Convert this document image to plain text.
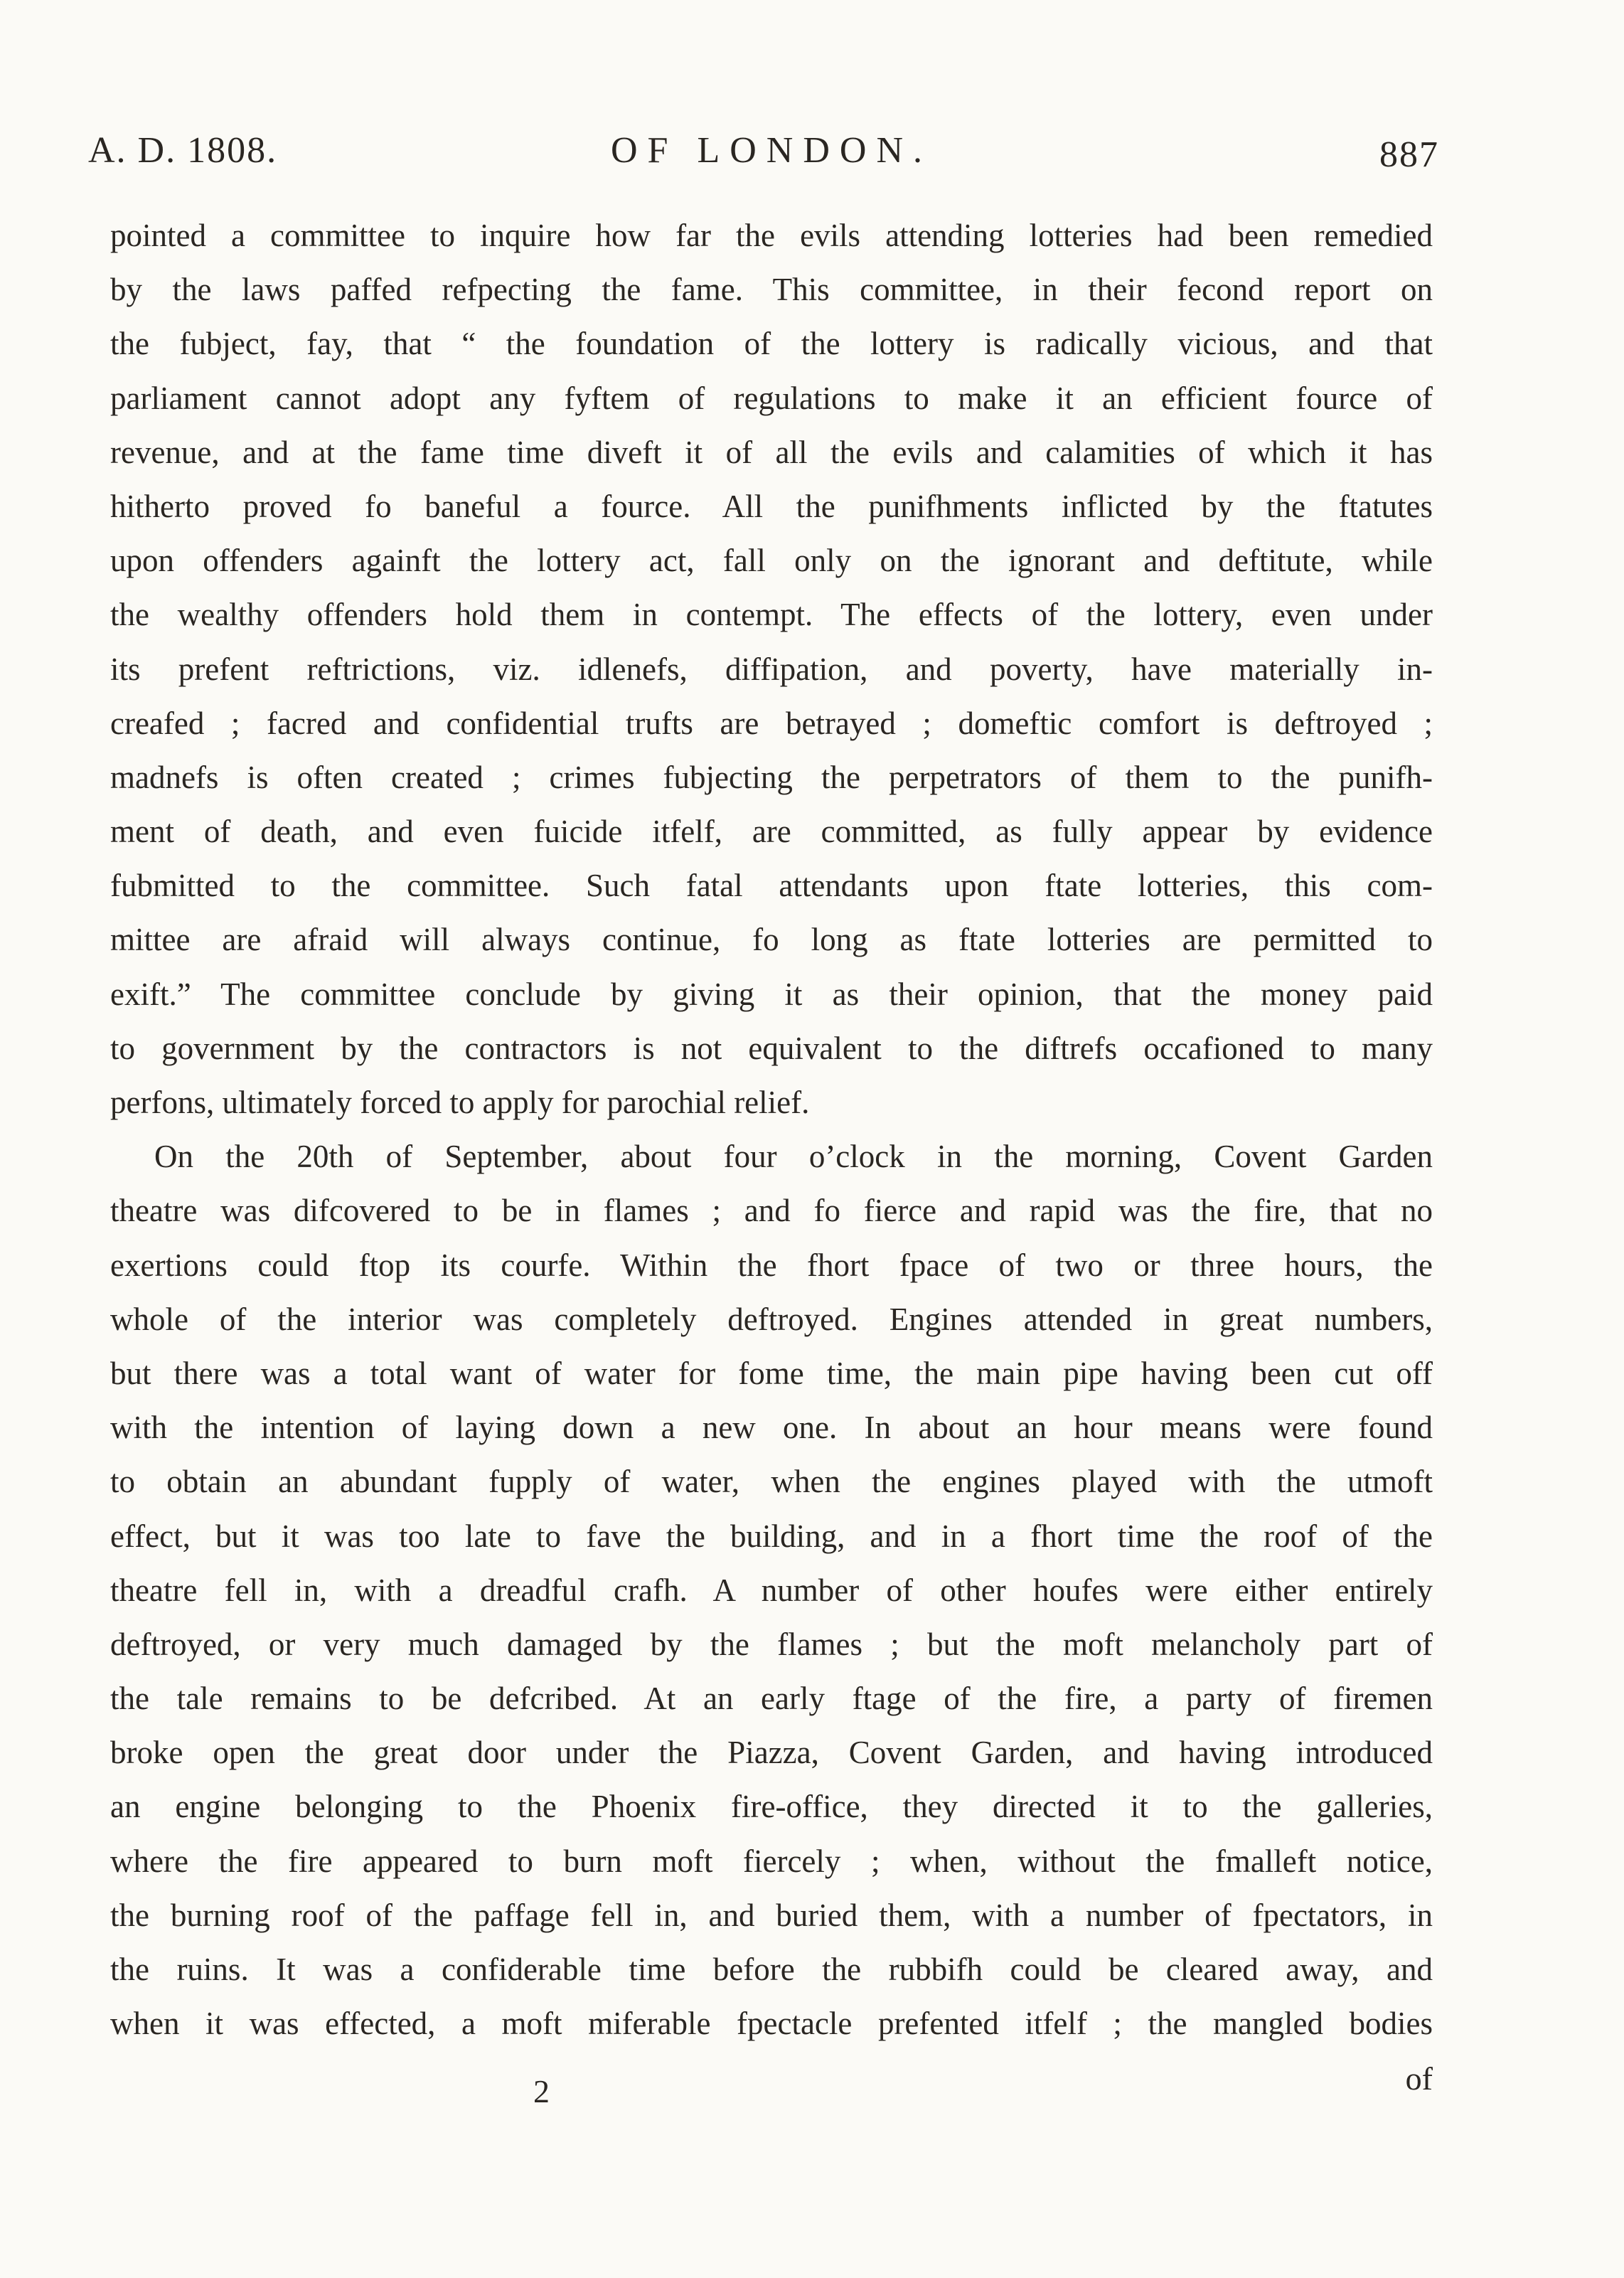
A. D. 1808.	OF LONDON.	887
pointed a committee to inquire how far the evils attending lotteries had been remedied
by the laws paffed refpecting the fame. This committee, in their fecond report on
the fubject, fay, that “ the foundation of the lottery is radically vicious, and that
parliament cannot adopt any fyftem of regulations to make it an efficient fource of
revenue, and at the fame time diveft it of all the evils and calamities of which it has
hitherto proved fo baneful a fource. All the punifhments inflicted by the ftatutes
upon offenders againft the lottery act, fall only on the ignorant and deftitute, while
the wealthy offenders hold them in contempt. The effects of the lottery, even under
its prefent reftrictions, viz. idlenefs, diffipation, and poverty, have materially in-
creafed ; facred and confidential trufts are betrayed ; domeftic comfort is deftroyed ;
madnefs is often created ; crimes fubjecting the perpetrators of them to the punifh-
ment of death, and even fuicide itfelf, are committed, as fully appear by evidence
fubmitted to the committee. Such fatal attendants upon ftate lotteries, this com-
mittee are afraid will always continue, fo long as ftate lotteries are permitted to
exift.” The committee conclude by giving it as their opinion, that the money paid
to government by the contractors is not equivalent to the diftrefs occafioned to many
perfons, ultimately forced to apply for parochial relief.
On the 20th of September, about four o’clock in the morning, Covent Garden
theatre was difcovered to be in flames ; and fo fierce and rapid was the fire, that no
exertions could ftop its courfe. Within the fhort fpace of two or three hours, the
whole of the interior was completely deftroyed. Engines attended in great numbers,
but there was a total want of water for fome time, the main pipe having been cut off
with the intention of laying down a new one. In about an hour means were found
to obtain an abundant fupply of water, when the engines played with the utmoft
effect, but it was too late to fave the building, and in a fhort time the roof of the
theatre fell in, with a dreadful crafh. A number of other houfes were either entirely
deftroyed, or very much damaged by the flames ; but the moft melancholy part of
the tale remains to be defcribed. At an early ftage of the fire, a party of firemen
broke open the great door under the Piazza, Covent Garden, and having introduced
an engine belonging to the Phoenix fire-office, they directed it to the galleries,
where the fire appeared to burn moft fiercely ; when, without the fmalleft notice,
the burning roof of the paffage fell in, and buried them, with a number of fpectators, in
the ruins. It was a confiderable time before the rubbifh could be cleared away, and
when it was effected, a moft miferable fpectacle prefented itfelf ; the mangled bodies
2	of
